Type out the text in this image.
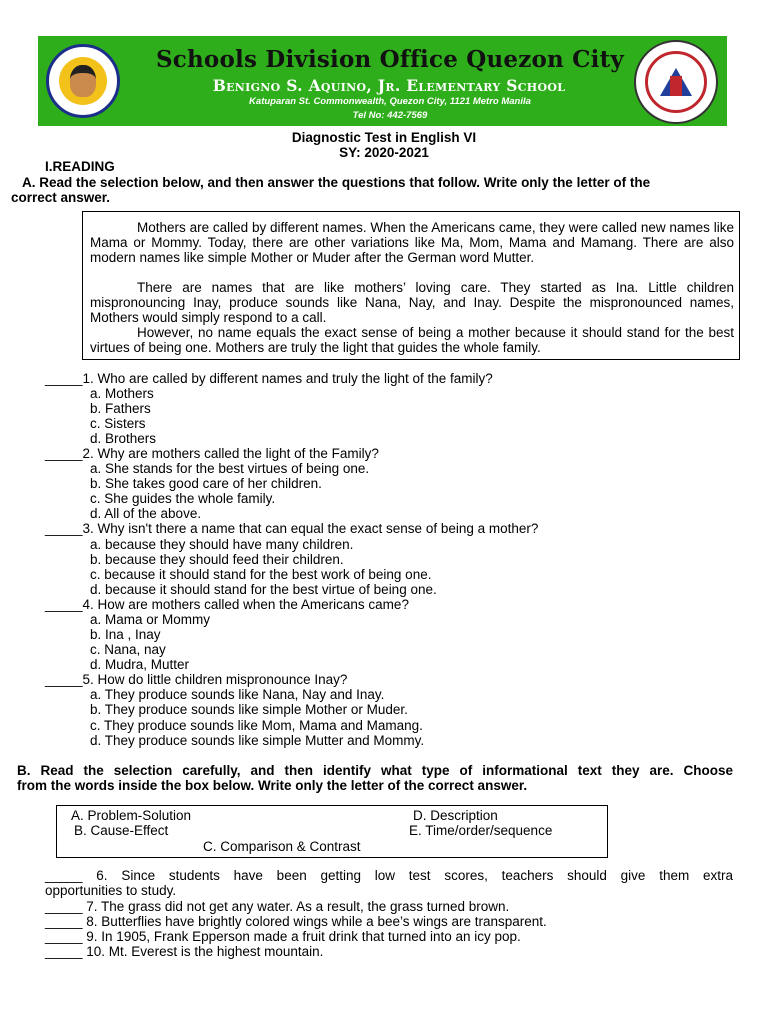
Schools Division Office Quezon City
Benigno S. Aquino, Jr. Elementary School
Katuparan St. Commonwealth, Quezon City, 1121 Metro Manila
Tel No: 442-7569
Diagnostic Test in English VI
SY: 2020-2021
I.READING
A. Read the selection below, and then answer the questions that follow. Write only the letter of the
correct answer.

Mothers are called by different names. When the Americans came, they were called new names like Mama or Mommy. Today, there are other variations like Ma, Mom, Mama and Mamang. There are also modern names like simple Mother or Muder after the German word Mutter.

There are names that are like mothers’ loving care. They started as Ina. Little children mispronouncing Inay, produce sounds like Nana, Nay, and Inay. Despite the mispronounced names, Mothers would simply respond to a call.

However, no name equals the exact sense of being a mother because it should stand for the best virtues of being one. Mothers are truly the light that guides the whole family.

_____1. Who are called by different names and truly the light of the family?
a. Mothers
b. Fathers
c. Sisters
d. Brothers
_____2. Why are mothers called the light of the Family?
a. She stands for the best virtues of being one.
b. She takes good care of her children.
c. She guides the whole family.
d. All of the above.
_____3. Why isn't there a name that can equal the exact sense of being a mother?
a. because they should have many children.
b. because they should feed their children.
c. because it should stand for the best work of being one.
d. because it should stand for the best virtue of being one.
_____4. How are mothers called when the Americans came?
a. Mama or Mommy
b. Ina , Inay
c. Nana, nay
d. Mudra, Mutter
_____5. How do little children mispronounce Inay?
a. They produce sounds like Nana, Nay and Inay.
b. They produce sounds like simple Mother or Muder.
c. They produce sounds like Mom, Mama and Mamang.
d. They produce sounds like simple Mutter and Mommy.
B. Read the selection carefully, and then identify what type of informational text they are. Choose
from the words inside the box below. Write only the letter of the correct answer.
A. Problem-Solution
B. Cause-Effect
C. Comparison & Contrast
D. Description
E. Time/order/sequence
_____ 6. Since students have been getting low test scores, teachers should give them extra
opportunities to study.
_____ 7. The grass did not get any water. As a result, the grass turned brown.
_____ 8. Butterflies have brightly colored wings while a bee’s wings are transparent.
_____ 9. In 1905, Frank Epperson made a fruit drink that turned into an icy pop.
_____ 10. Mt. Everest is the highest mountain.
